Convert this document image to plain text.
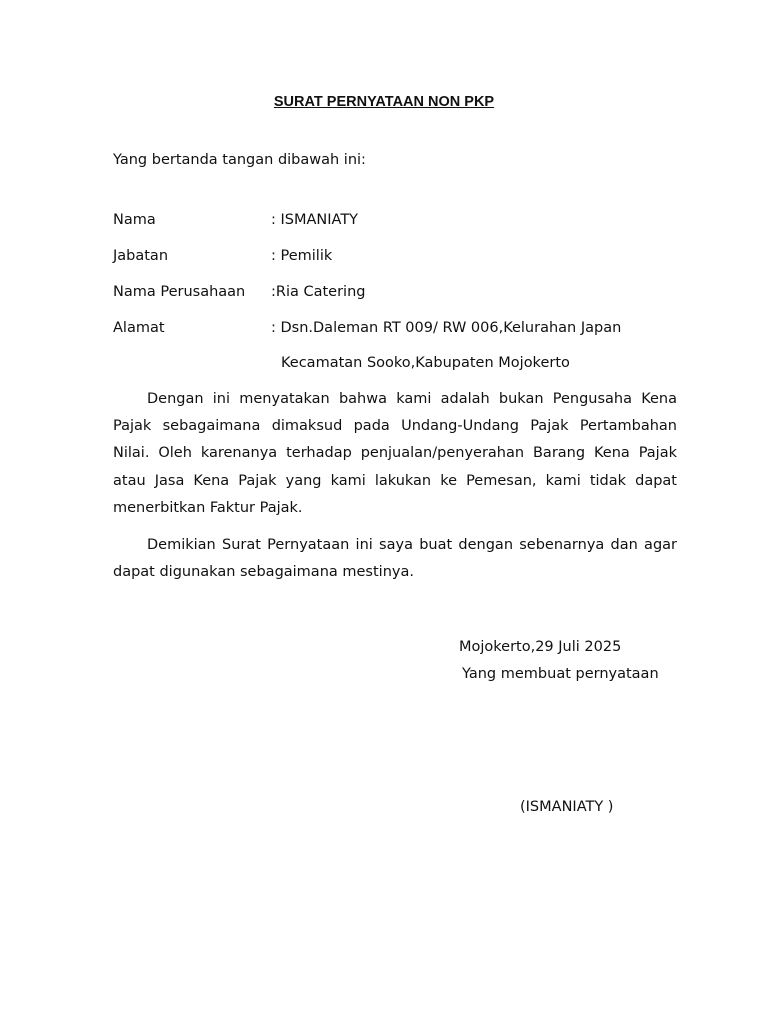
SURAT PERNYATAAN NON PKP
Yang bertanda tangan dibawah ini:
Nama	: ISMANIATY
Jabatan	: Pemilik
Nama Perusahaan :Ria Catering
Alamat	: Dsn.Daleman RT 009/ RW 006,Kelurahan Japan
Kecamatan Sooko,Kabupaten Mojokerto

Dengan ini menyatakan bahwa kami adalah bukan Pengusaha Kena Pajak sebagaimana dimaksud pada Undang-Undang Pajak Pertambahan Nilai. Oleh karenanya terhadap penjualan/penyerahan Barang Kena Pajak atau Jasa Kena Pajak yang kami lakukan ke Pemesan, kami tidak dapat menerbitkan Faktur Pajak.

Demikian Surat Pernyataan ini saya buat dengan sebenarnya dan agar dapat digunakan sebagaimana mestinya.

Mojokerto,29 Juli 2025
Yang membuat pernyataan
(ISMANIATY )
